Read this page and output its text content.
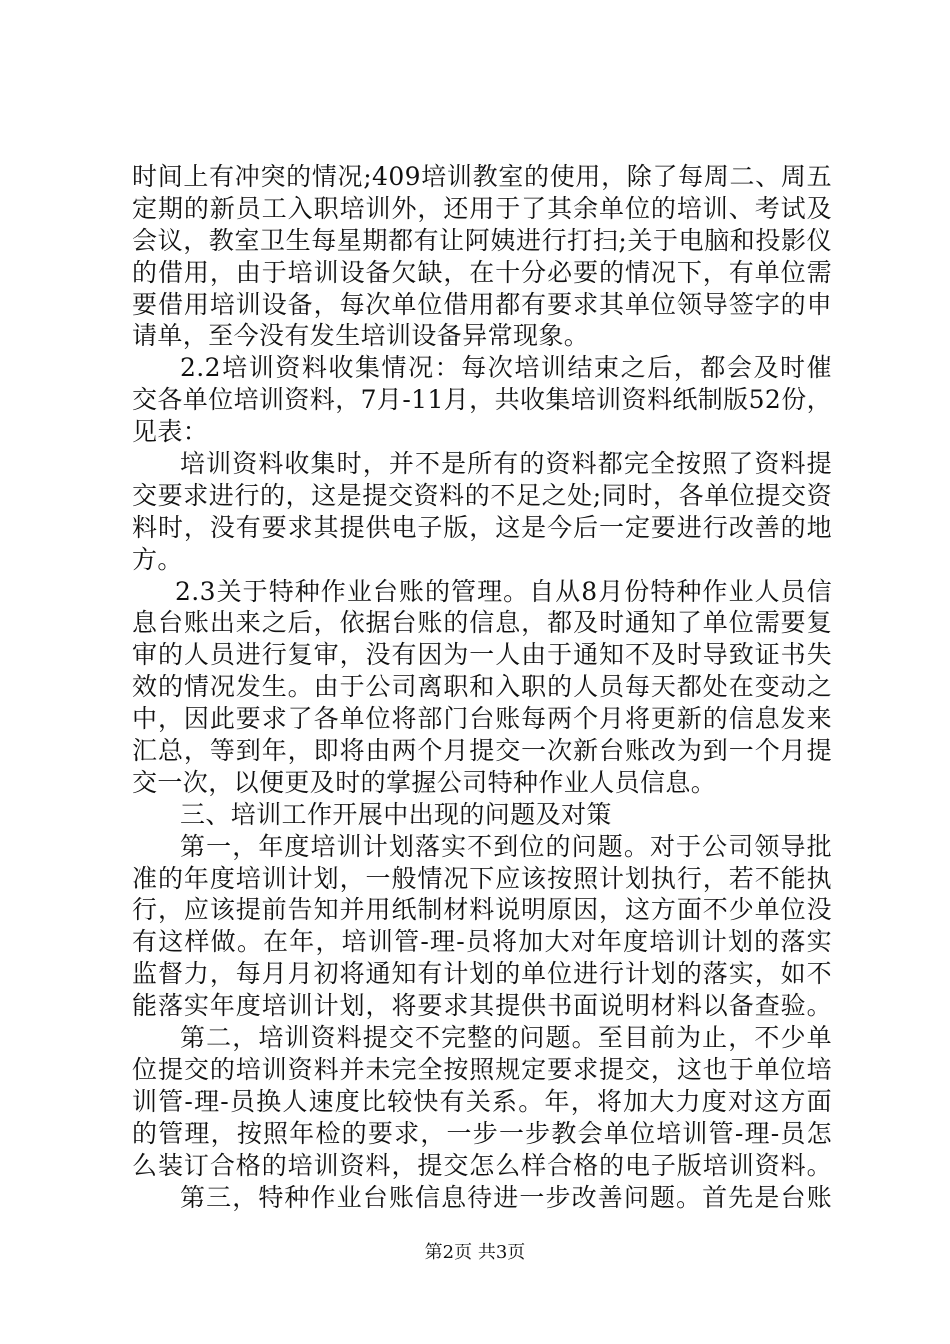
时间上有冲突的情况;409培训教室的使用，除了每周二、周五
定期的新员工入职培训外，还用于了其余单位的培训、考试及
会议，教室卫生每星期都有让阿姨进行打扫;关于电脑和投影仪
的借用，由于培训设备欠缺，在十分必要的情况下，有单位需
要借用培训设备，每次单位借用都有要求其单位领导签字的申
请单，至今没有发生培训设备异常现象。
2.2培训资料收集情况：每次培训结束之后，都会及时催
交各单位培训资料，7月-11月，共收集培训资料纸制版52份，
见表：
培训资料收集时，并不是所有的资料都完全按照了资料提
交要求进行的，这是提交资料的不足之处;同时，各单位提交资
料时，没有要求其提供电子版，这是今后一定要进行改善的地
方。
2.3关于特种作业台账的管理。自从8月份特种作业人员信
息台账出来之后，依据台账的信息，都及时通知了单位需要复
审的人员进行复审，没有因为一人由于通知不及时导致证书失
效的情况发生。由于公司离职和入职的人员每天都处在变动之
中，因此要求了各单位将部门台账每两个月将更新的信息发来
汇总，等到年，即将由两个月提交一次新台账改为到一个月提
交一次，以便更及时的掌握公司特种作业人员信息。
三、培训工作开展中出现的问题及对策
第一，年度培训计划落实不到位的问题。对于公司领导批
准的年度培训计划，一般情况下应该按照计划执行，若不能执
行，应该提前告知并用纸制材料说明原因，这方面不少单位没
有这样做。在年，培训管-理-员将加大对年度培训计划的落实
监督力，每月月初将通知有计划的单位进行计划的落实，如不
能落实年度培训计划，将要求其提供书面说明材料以备查验。
第二，培训资料提交不完整的问题。至目前为止，不少单
位提交的培训资料并未完全按照规定要求提交，这也于单位培
训管-理-员换人速度比较快有关系。年，将加大力度对这方面
的管理，按照年检的要求，一步一步教会单位培训管-理-员怎
么装订合格的培训资料，提交怎么样合格的电子版培训资料。
第三，特种作业台账信息待进一步改善问题。首先是台账
第2页 共3页
